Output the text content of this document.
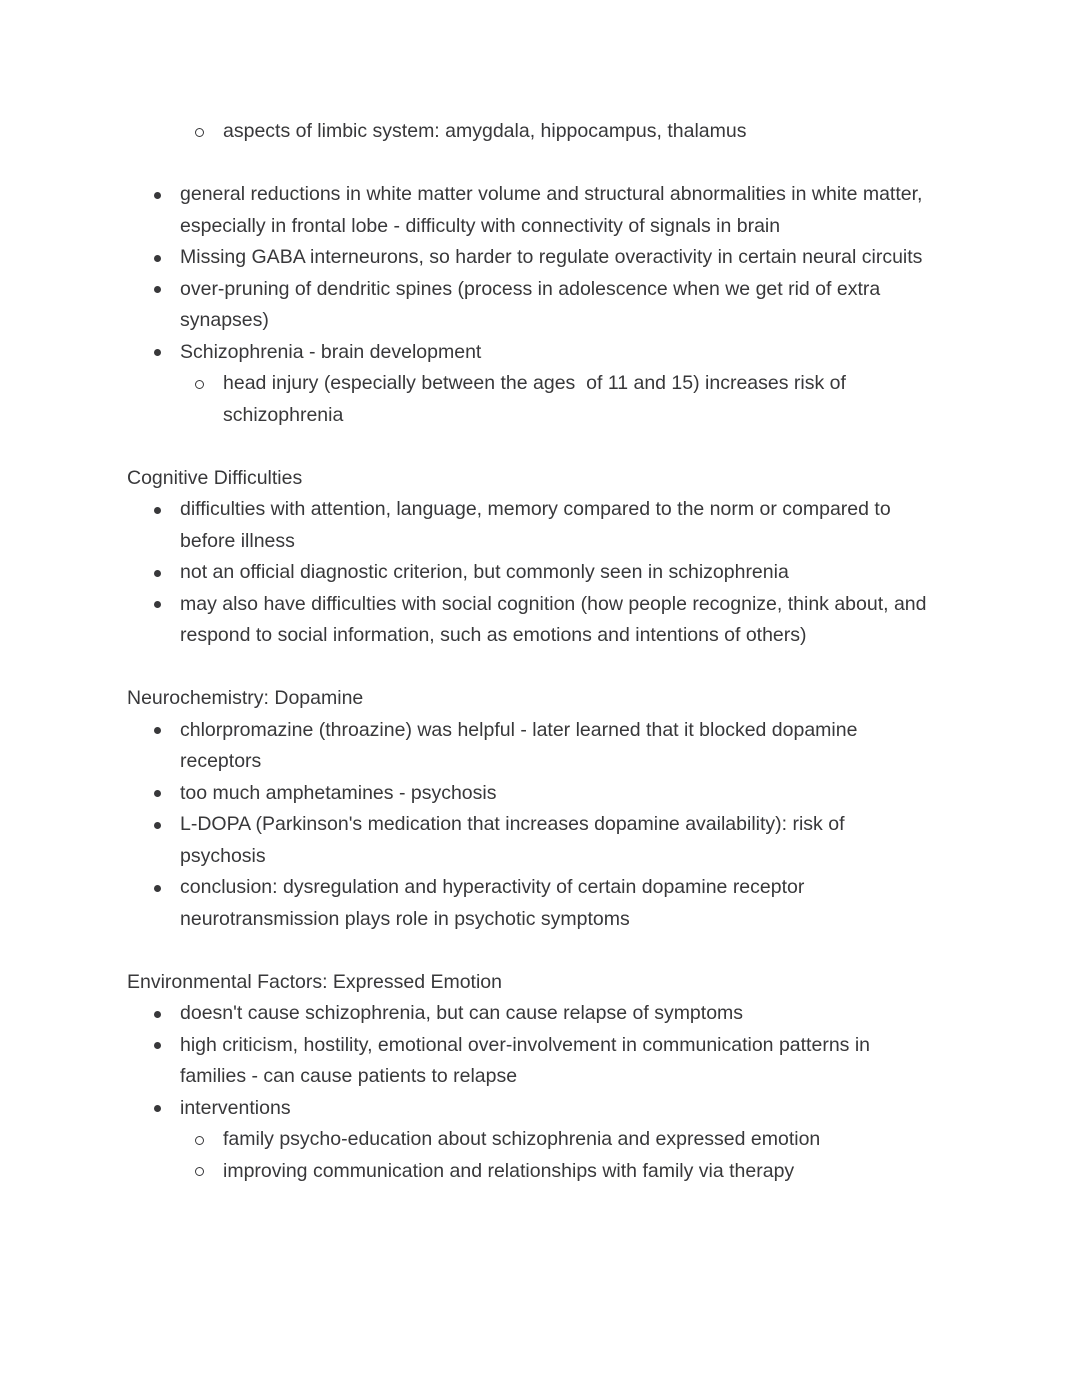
aspects of limbic system: amygdala, hippocampus, thalamus
general reductions in white matter volume and structural abnormalities in white matter, especially in frontal lobe - difficulty with connectivity of signals in brain
Missing GABA interneurons, so harder to regulate overactivity in certain neural circuits
over-pruning of dendritic spines (process in adolescence when we get rid of extra synapses)
Schizophrenia - brain development
head injury (especially between the ages  of 11 and 15) increases risk of schizophrenia
Cognitive Difficulties
difficulties with attention, language, memory compared to the norm or compared to before illness
not an official diagnostic criterion, but commonly seen in schizophrenia
may also have difficulties with social cognition (how people recognize, think about, and respond to social information, such as emotions and intentions of others)
Neurochemistry: Dopamine
chlorpromazine (throazine) was helpful - later learned that it blocked dopamine receptors
too much amphetamines - psychosis
L-DOPA (Parkinson's medication that increases dopamine availability): risk of psychosis
conclusion: dysregulation and hyperactivity of certain dopamine receptor neurotransmission plays role in psychotic symptoms
Environmental Factors: Expressed Emotion
doesn't cause schizophrenia, but can cause relapse of symptoms
high criticism, hostility, emotional over-involvement in communication patterns in families - can cause patients to relapse
interventions
family psycho-education about schizophrenia and expressed emotion
improving communication and relationships with family via therapy
